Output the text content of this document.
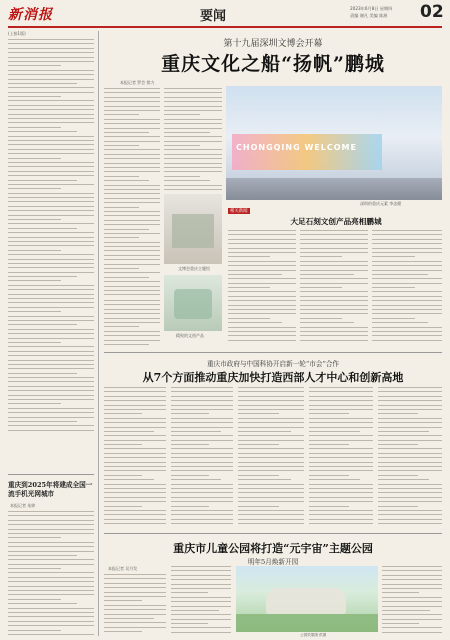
新消报	要闻
2023年6月8日 星期四
责编 谢凡 美编 陈源 02
(上接1版)
重庆到2025年将建成全国一流手机光网城市
本报记者 朱婷
第十九届深圳文博会开幕
重庆文化之船“扬帆”鹏城
本报记者 罗芸 徐力
CHONGQING WELCOME
深圳的重庆元素 李忠健
文博会重庆主题馆
精致的文创产品
相关新闻
大足石刻文创产品亮相鹏城
重庆市政府与中国科协开启新一轮“市会”合作
从7个方面推动重庆加快打造西部人才中心和创新高地
重庆市儿童公园将打造“元宇宙”主题公园
明年5月焕新开园
本报记者 吴月发
公园效果图 供图
